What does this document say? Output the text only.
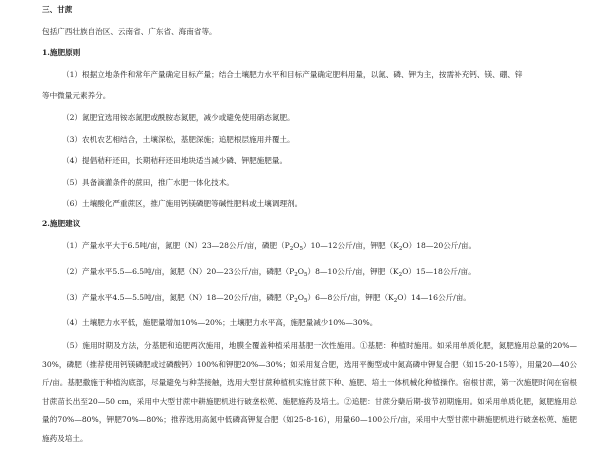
三、甘蔗
包括广西壮族自治区、云南省、广东省、海南省等。
1.施肥原则
（1）根据立地条件和常年产量确定目标产量；结合土壤肥力水平和目标产量确定肥料用量，以氮、磷、钾为主，按需补充钙、镁、硼、锌
等中微量元素养分。
（2）氮肥宜选用铵态氮肥或酰胺态氮肥，减少或避免使用硝态氮肥。
（3）农机农艺相结合，土壤深松，基肥深施；追肥根层施用并覆土。
（4）提倡秸秆还田，长期秸秆还田地块适当减少磷、钾肥施肥量。
（5）具备滴灌条件的蔗田，推广水肥一体化技术。
（6）土壤酸化严重蔗区，推广施用钙镁磷肥等碱性肥料或土壤调理剂。
2.施肥建议
（1）产量水平大于6.5吨/亩，氮肥（N）23—28公斤/亩，磷肥$(P_2O_5)10—12$公斤/亩，钾肥$(K_2O)18—20$公斤/亩。
（2）产量水平5.5—6.5吨/亩，氮肥（N）20—23公斤/亩，磷肥$(P_2O_5)8—10$公斤/亩，钾肥$(K_2O)15—18$公斤/亩。
（3）产量水平4.5—5.5吨/亩，氮肥（N）18—20公斤/亩，磷肥$(P_2O_5)6—8$公斤/亩，钾肥$(K_2O)14—16$公斤/亩。
（4）土壤肥力水平低，施肥量增加10%—20%；土壤肥力水平高，施肥量减少10%—30%。
（5）施用时期及方法，分基肥和追肥两次施用，地膜全覆盖种植采用基肥一次性施用。①基肥：种植时施用。如采用单质化肥，氮肥施用总量的20%—30%，磷肥（推荐使用钙镁磷肥或过磷酸钙）100%和钾肥20%—30%；如采用复合肥，选用平衡型或中氮高磷中钾复合肥（如15-20-15等），用量20—40公斤/亩。基肥撒施于种植沟底部，尽量避免与种茎接触，选用大型甘蔗种植机实施甘蔗下种、施肥、培土一体机械化种植操作。宿根甘蔗，第一次施肥时间在宿根甘蔗苗长出至20—50 cm，采用中大型甘蔗中耕施肥机进行破垄松蔸、施肥施药及培土。②追肥：甘蔗分蘖后期-拔节初期施用。如采用单质化肥，氮肥施用总量的70%—80%，钾肥70%—80%；推荐选用高氮中低磷高钾复合肥（如25-8-16），用量60—100公斤/亩，采用中大型甘蔗中耕施肥机进行破垄松蔸、施肥施药及培土。
